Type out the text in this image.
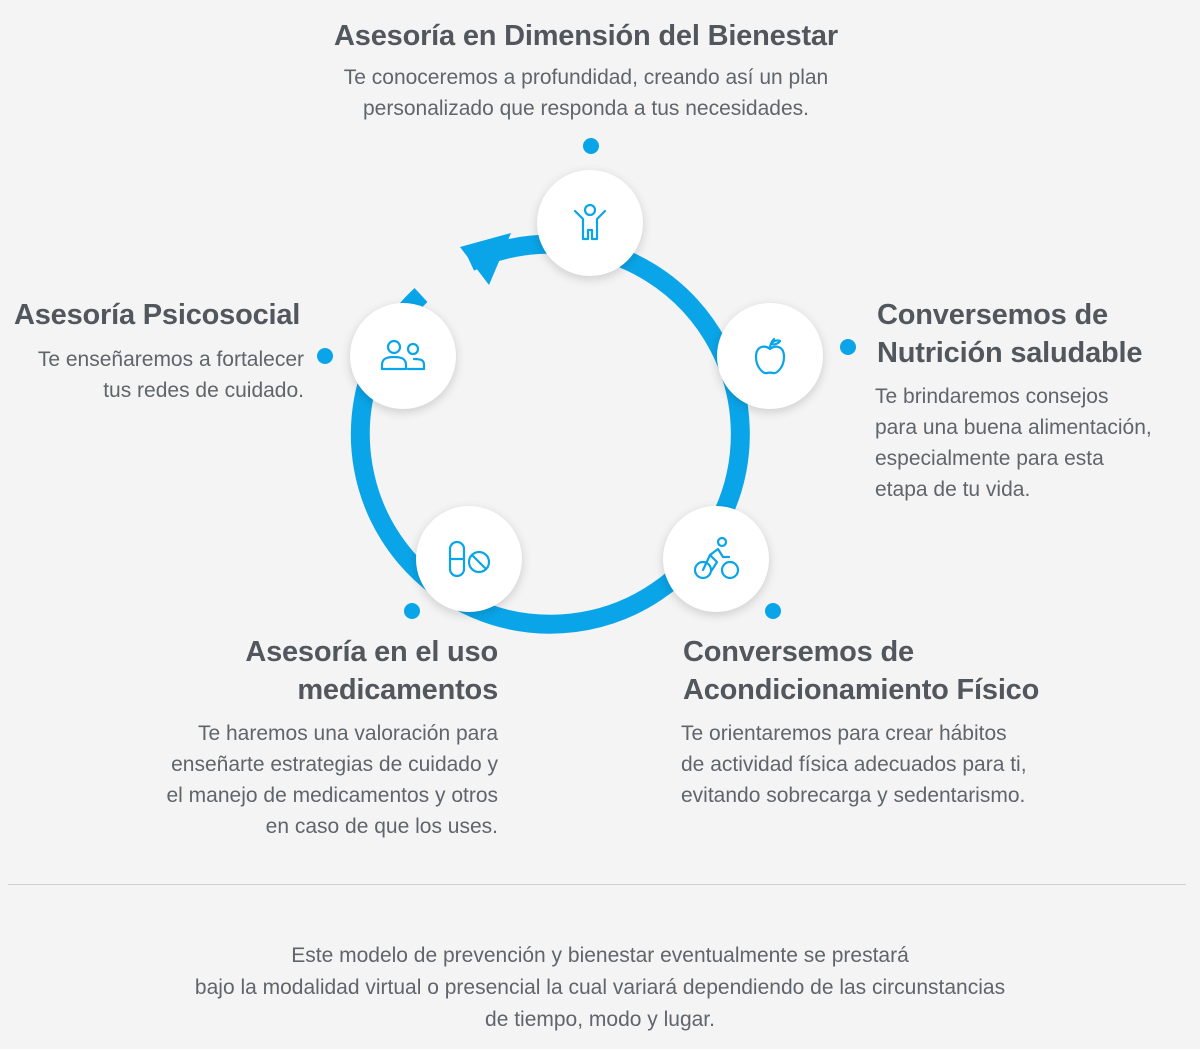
Asesoría en Dimensión del Bienestar

Te conoceremos a profundidad, creando así un plan
personalizado que responda a tus necesidades.

Conversemos de
Nutrición saludable

Te brindaremos consejos
para una buena alimentación,
especialmente para esta
etapa de tu vida.

Conversemos de
Acondicionamiento Físico

Te orientaremos para crear hábitos
de actividad física adecuados para ti,
evitando sobrecarga y sedentarismo.

Asesoría en el uso
medicamentos

Te haremos una valoración para
enseñarte estrategias de cuidado y
el manejo de medicamentos y otros
en caso de que los uses.

Asesoría Psicosocial

Te enseñaremos a fortalecer
tus redes de cuidado.

Este modelo de prevención y bienestar eventualmente se prestará
bajo la modalidad virtual o presencial la cual variará dependiendo de las circunstancias
de tiempo, modo y lugar.
